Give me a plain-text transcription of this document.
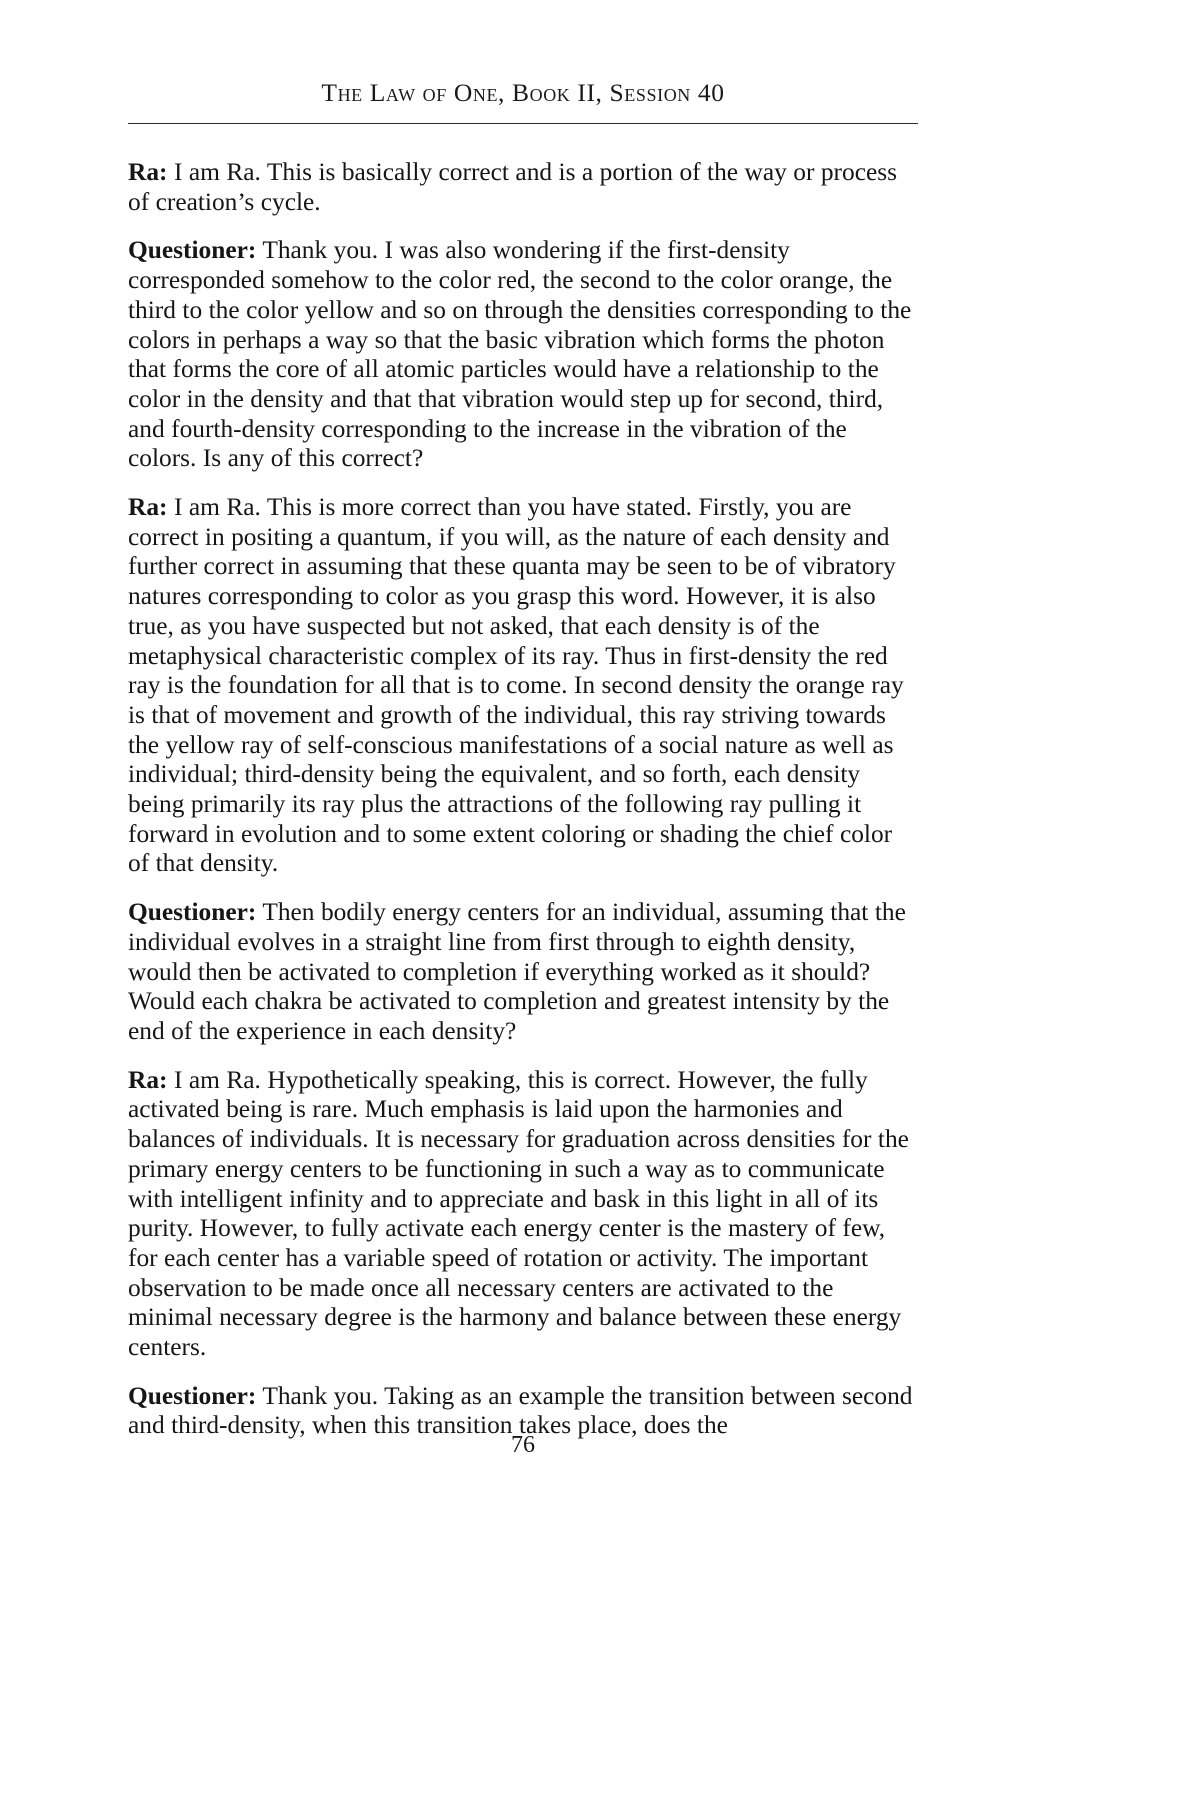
The Law of One, Book II, Session 40

Ra: I am Ra. This is basically correct and is a portion of the way or process of creation’s cycle.

Questioner: Thank you. I was also wondering if the first-density corresponded somehow to the color red, the second to the color orange, the third to the color yellow and so on through the densities corresponding to the colors in perhaps a way so that the basic vibration which forms the photon that forms the core of all atomic particles would have a relationship to the color in the density and that that vibration would step up for second, third, and fourth-density corresponding to the increase in the vibration of the colors. Is any of this correct?

Ra: I am Ra. This is more correct than you have stated. Firstly, you are correct in positing a quantum, if you will, as the nature of each density and further correct in assuming that these quanta may be seen to be of vibratory natures corresponding to color as you grasp this word. However, it is also true, as you have suspected but not asked, that each density is of the metaphysical characteristic complex of its ray. Thus in first-density the red ray is the foundation for all that is to come. In second density the orange ray is that of movement and growth of the individual, this ray striving towards the yellow ray of self-conscious manifestations of a social nature as well as individual; third-density being the equivalent, and so forth, each density being primarily its ray plus the attractions of the following ray pulling it forward in evolution and to some extent coloring or shading the chief color of that density.

Questioner: Then bodily energy centers for an individual, assuming that the individual evolves in a straight line from first through to eighth density, would then be activated to completion if everything worked as it should? Would each chakra be activated to completion and greatest intensity by the end of the experience in each density?

Ra: I am Ra. Hypothetically speaking, this is correct. However, the fully activated being is rare. Much emphasis is laid upon the harmonies and balances of individuals. It is necessary for graduation across densities for the primary energy centers to be functioning in such a way as to communicate with intelligent infinity and to appreciate and bask in this light in all of its purity. However, to fully activate each energy center is the mastery of few, for each center has a variable speed of rotation or activity. The important observation to be made once all necessary centers are activated to the minimal necessary degree is the harmony and balance between these energy centers.

Questioner: Thank you. Taking as an example the transition between second and third-density, when this transition takes place, does the

76
